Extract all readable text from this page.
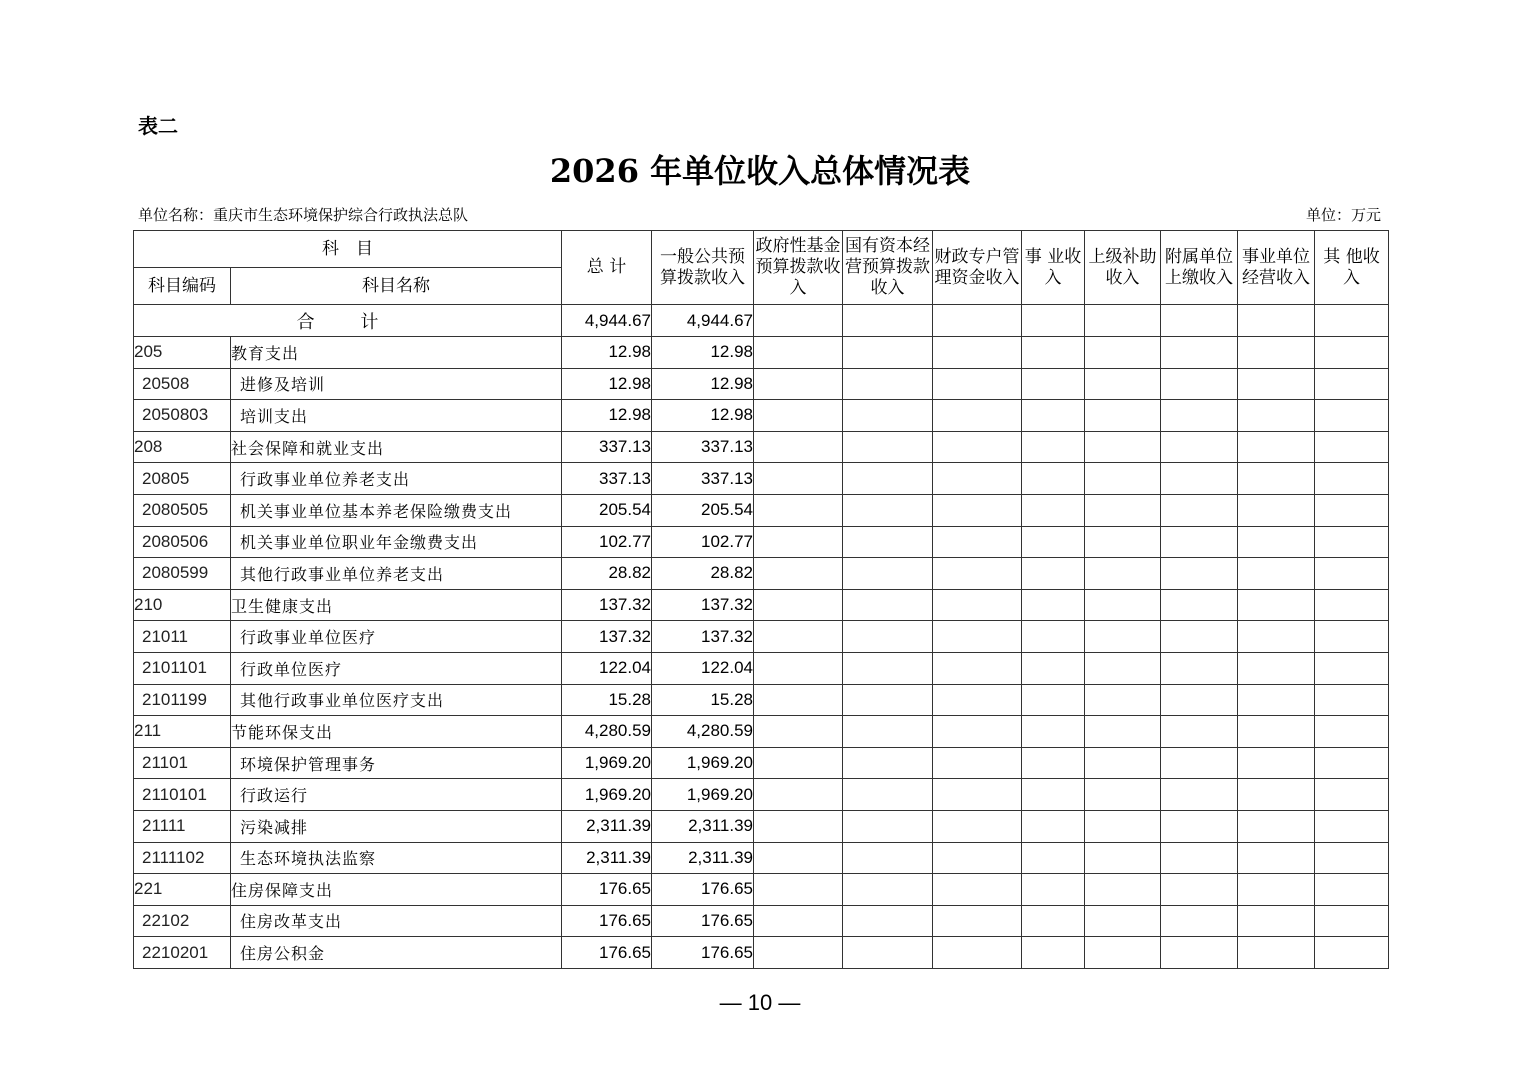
表二
2026 年单位收入总体情况表
单位名称：重庆市生态环境保护综合行政执法总队	单位：万元
科　目		总 计	一般公共预算拨款收入	政府性基金预算拨款收入	国有资本经营预算拨款收入	财政专户管理资金收入	事 业收 入	上级补助收入	附属单位上缴收入	事业单位经营收入	其 他收 入
科目编码	科目名称										
合 计		4,944.67	4,944.67								
205	教育支出	12.98	12.98								
20508	进修及培训	12.98	12.98								
2050803	培训支出	12.98	12.98								
208	社会保障和就业支出	337.13	337.13								
20805	行政事业单位养老支出	337.13	337.13								
2080505	机关事业单位基本养老保险缴费支出	205.54	205.54								
2080506	机关事业单位职业年金缴费支出	102.77	102.77								
2080599	其他行政事业单位养老支出	28.82	28.82								
210	卫生健康支出	137.32	137.32								
21011	行政事业单位医疗	137.32	137.32								
2101101	行政单位医疗	122.04	122.04								
2101199	其他行政事业单位医疗支出	15.28	15.28								
211	节能环保支出	4,280.59	4,280.59								
21101	环境保护管理事务	1,969.20	1,969.20								
2110101	行政运行	1,969.20	1,969.20								
21111	污染减排	2,311.39	2,311.39								
2111102	生态环境执法监察	2,311.39	2,311.39								
221	住房保障支出	176.65	176.65								
22102	住房改革支出	176.65	176.65								
2210201	住房公积金	176.65	176.65								
— 10 —
